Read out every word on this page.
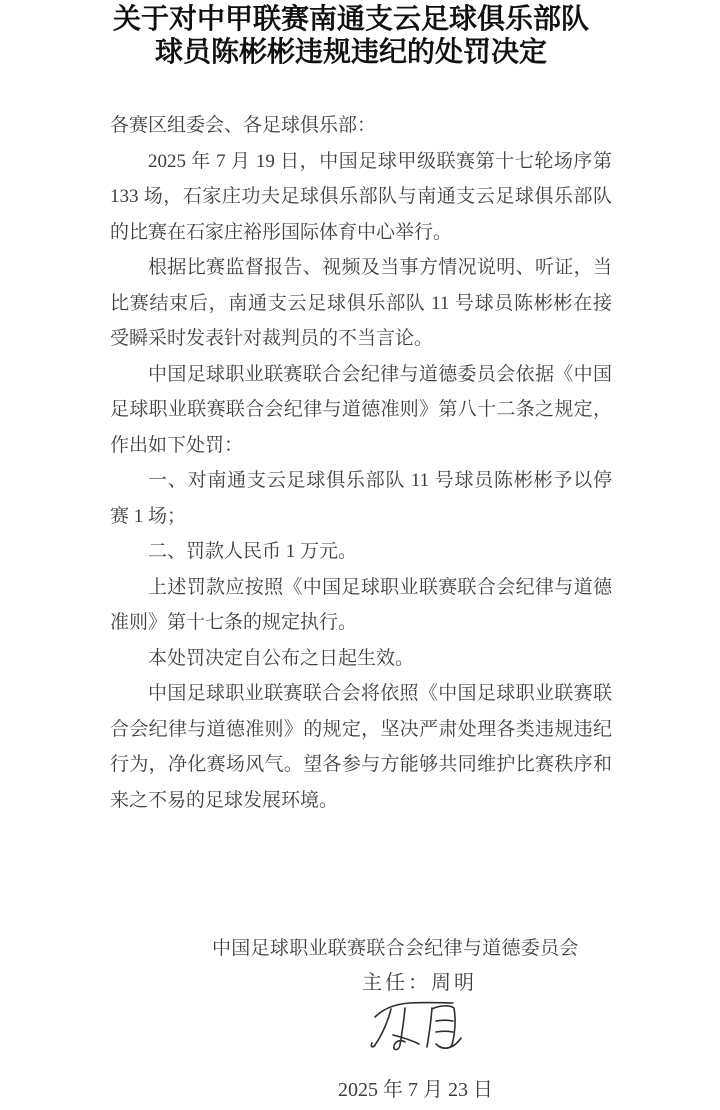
关于对中甲联赛南通支云足球俱乐部队
球员陈彬彬违规违纪的处罚决定
各赛区组委会、各足球俱乐部：
2025 年 7 月 19 日，中国足球甲级联赛第十七轮场序第
133 场，石家庄功夫足球俱乐部队与南通支云足球俱乐部队
的比赛在石家庄裕彤国际体育中心举行。
根据比赛监督报告、视频及当事方情况说明、听证，当
比赛结束后，南通支云足球俱乐部队 11 号球员陈彬彬在接
受瞬采时发表针对裁判员的不当言论。
中国足球职业联赛联合会纪律与道德委员会依据《中国
足球职业联赛联合会纪律与道德准则》第八十二条之规定，
作出如下处罚：
一、对南通支云足球俱乐部队 11 号球员陈彬彬予以停
赛 1 场；
二、罚款人民币 1 万元。
上述罚款应按照《中国足球职业联赛联合会纪律与道德
准则》第十七条的规定执行。
本处罚决定自公布之日起生效。
中国足球职业联赛联合会将依照《中国足球职业联赛联
合会纪律与道德准则》的规定，坚决严肃处理各类违规违纪
行为，净化赛场风气。望各参与方能够共同维护比赛秩序和
来之不易的足球发展环境。
中国足球职业联赛联合会纪律与道德委员会
主任：周明
2025 年 7 月 23 日
